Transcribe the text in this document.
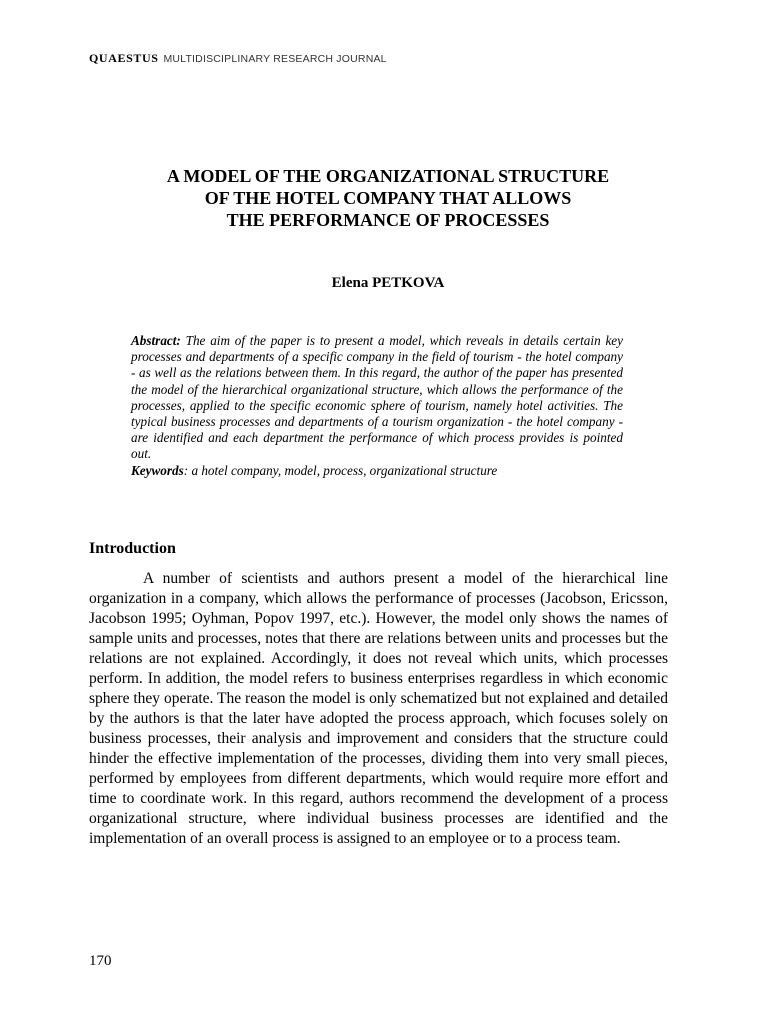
QUAESTUS MULTIDISCIPLINARY RESEARCH JOURNAL
A MODEL OF THE ORGANIZATIONAL STRUCTURE
OF THE HOTEL COMPANY THAT ALLOWS
THE PERFORMANCE OF PROCESSES
Elena PETKOVA

Abstract: The aim of the paper is to present a model, which reveals in details certain key processes and departments of a specific company in the field of tourism - the hotel company - as well as the relations between them. In this regard, the author of the paper has presented the model of the hierarchical organizational structure, which allows the performance of the processes, applied to the specific economic sphere of tourism, namely hotel activities. The typical business processes and departments of a tourism organization - the hotel company - are identified and each department the performance of which process provides is pointed out.

Keywords: a hotel company, model, process, organizational structure

Introduction

A number of scientists and authors present a model of the hierarchical line organization in a company, which allows the performance of processes (Jacobson, Ericsson, Jacobson 1995; Oyhman, Popov 1997, etc.). However, the model only shows the names of sample units and processes, notes that there are relations between units and processes but the relations are not explained. Accordingly, it does not reveal which units, which processes perform. In addition, the model refers to business enterprises regardless in which economic sphere they operate. The reason the model is only schematized but not explained and detailed by the authors is that the later have adopted the process approach, which focuses solely on business processes, their analysis and improvement and considers that the structure could hinder the effective implementation of the processes, dividing them into very small pieces, performed by employees from different departments, which would require more effort and time to coordinate work. In this regard, authors recommend the development of a process organizational structure, where individual business processes are identified and the implementation of an overall process is assigned to an employee or to a process team.

170
